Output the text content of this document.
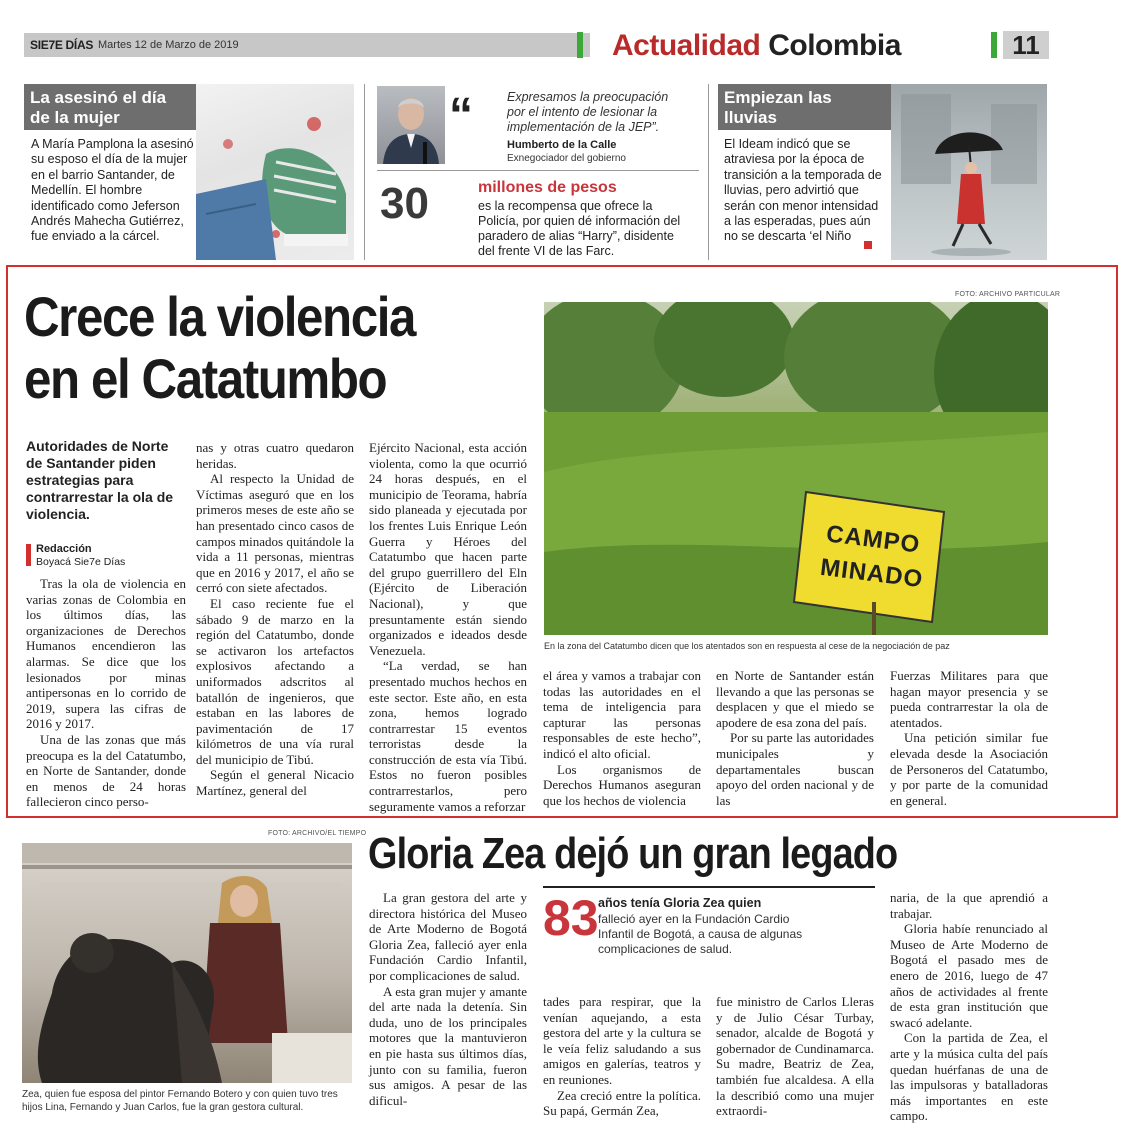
SIE7E DÍAS Martes 12 de Marzo de 2019	Actualidad Colombia	11
La asesinó el día de la mujer
A María Pamplona la asesinó su esposo el día de la mujer en el barrio Santander, de Medellín. El hombre identificado como Jeferson Andrés Mahecha Gutiérrez, fue enviado a la cárcel.
“	Expresamos la preocupación por el intento de lesionar la implementación de la JEP”.
Humberto de la Calle
Exnegociador del gobierno
30	millones de pesos
es la recompensa que ofrece la Policía, por quien dé información del paradero de alias “Harry”, disidente del frente VI de las Farc.
Empiezan las lluvias
El Ideam indicó que se atraviesa por la época de transición a la temporada de lluvias, pero advirtió que serán con menor intensidad a las esperadas, pues aún no se descarta ‘el Niño
Crece la violencia en el Catatumbo
Autoridades de Norte de Santander piden estrategias para contrarrestar la ola de violencia.
Redacción
Boyacá Sie7e Días

Tras la ola de violencia en varias zonas de Colombia en los últimos días, las organizaciones de Derechos Humanos encendieron las alarmas. Se dice que los lesionados por minas antipersonas en lo corrido de 2019, supera las cifras de 2016 y 2017.

Una de las zonas que más preocupa es la del Catatumbo, en Norte de Santander, donde en menos de 24 horas fallecieron cinco perso-

nas y otras cuatro quedaron heridas.

Al respecto la Unidad de Víctimas aseguró que en los primeros meses de este año se han presentado cinco casos de campos minados quitándole la vida a 11 personas, mientras que en 2016 y 2017, el año se cerró con siete afectados.

El caso reciente fue el sábado 9 de marzo en la región del Catatumbo, donde se activaron los artefactos explosivos afectando a uniformados adscritos al batallón de ingenieros, que estaban en las labores de pavimentación de 17 kilómetros de una vía rural del municipio de Tibú.

Según el general Nicacio Martínez, general del

Ejército Nacional, esta acción violenta, como la que ocurrió 24 horas después, en el municipio de Teorama, habría sido planeada y ejecutada por los frentes Luis Enrique León Guerra y Héroes del Catatumbo que hacen parte del grupo guerrillero del Eln (Ejército de Liberación Nacional), y que presuntamente están siendo organizados e ideados desde Venezuela.

“La verdad, se han presentado muchos hechos en este sector. Este año, en esta zona, hemos logrado contrarrestar 15 eventos terroristas desde la construcción de esta vía Tibú. Estos no fueron posibles contrarrestarlos, pero seguramente vamos a reforzar

FOTO: ARCHIVO PARTICULAR
CAMPO
MINADO
En la zona del Catatumbo dicen que los atentados son en respuesta al cese de la negociación de paz

el área y vamos a trabajar con todas las autoridades en el tema de inteligencia para capturar las personas responsables de este hecho”, indicó el alto oficial.

Los organismos de Derechos Humanos aseguran que los hechos de violencia

en Norte de Santander están llevando a que las personas se desplacen y que el miedo se apodere de esa zona del país.

Por su parte las autoridades municipales y departamentales buscan apoyo del orden nacional y de las

Fuerzas Militares para que hagan mayor presencia y se pueda contrarrestar la ola de atentados.

Una petición similar fue elevada desde la Asociación de Personeros del Catatumbo, y por parte de la comunidad en general.

FOTO: ARCHIVO/EL TIEMPO
Zea, quien fue esposa del pintor Fernando Botero y con quien tuvo tres hijos Lina, Fernando y Juan Carlos, fue la gran gestora cultural.
Gloria Zea dejó un gran legado

La gran gestora del arte y directora histórica del Museo de Arte Moderno de Bogotá Gloria Zea, falleció ayer enla Fundación Cardio Infantil, por complicaciones de salud.

A esta gran mujer y amante del arte nada la detenía. Sin duda, uno de los principales motores que la mantuvieron en pie hasta sus últimos días, junto con su familia, fueron sus amigos. A pesar de las dificul-

83 años tenía Gloria Zea quien
falleció ayer en la Fundación Cardio Infantil de Bogotá, a causa de algunas complicaciones de salud.

tades para respirar, que la venían aquejando, a esta gestora del arte y la cultura se le veía feliz saludando a sus amigos en galerías, teatros y en reuniones.

Zea creció entre la política. Su papá, Germán Zea,

fue ministro de Carlos Lleras y de Julio César Turbay, senador, alcalde de Bogotá y gobernador de Cundinamarca. Su madre, Beatriz de Zea, también fue alcaldesa. A ella la describió como una mujer extraordi-

naria, de la que aprendió a trabajar.

Gloria habíe renunciado al Museo de Arte Moderno de Bogotá el pasado mes de enero de 2016, luego de 47 años de actividades al frente de esta gran institución que swacó adelante.

Con la partida de Zea, el arte y la música culta del país quedan huérfanas de una de las impulsoras y batalladoras más importantes en este campo.
